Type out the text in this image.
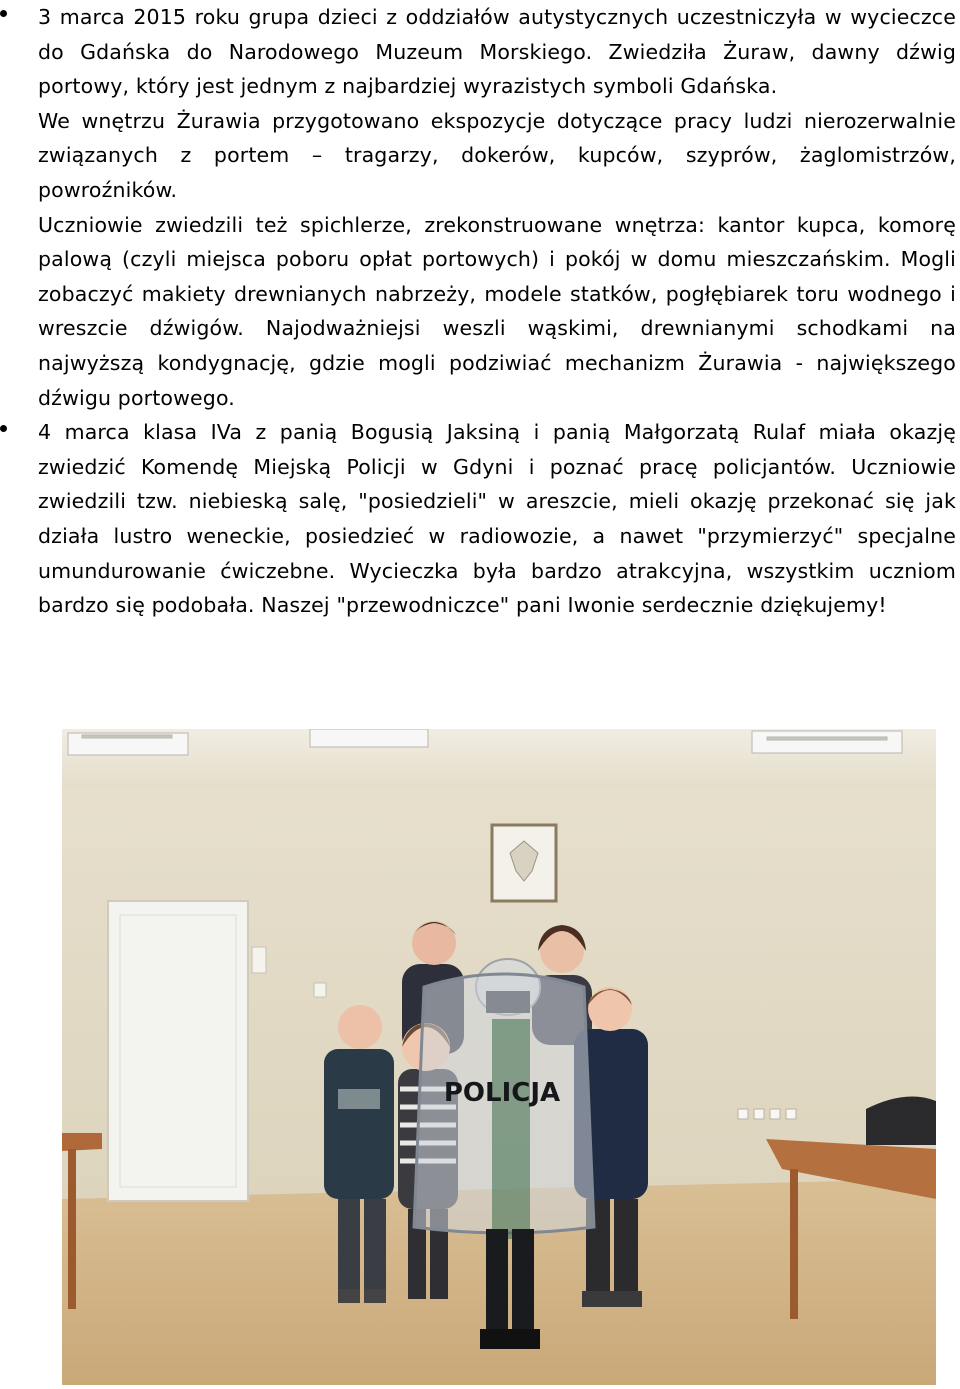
3 marca 2015 roku grupa dzieci z oddziałów autystycznych uczestniczyła w wycieczce do Gdańska do Narodowego Muzeum Morskiego. Zwiedziła Żuraw, dawny dźwig portowy, który jest jednym z najbardziej wyrazistych symboli Gdańska.

We wnętrzu Żurawia przygotowano ekspozycje dotyczące pracy ludzi nierozerwalnie związanych z portem – tragarzy, dokerów, kupców, szyprów, żaglomistrzów, powroźników.

Uczniowie zwiedzili też spichlerze, zrekonstruowane wnętrza: kantor kupca, komorę palową (czyli miejsca poboru opłat portowych) i pokój w domu mieszczańskim. Mogli zobaczyć makiety drewnianych nabrzeży, modele statków, pogłębiarek toru wodnego i wreszcie dźwigów. Najodważniejsi weszli wąskimi, drewnianymi schodkami na najwyższą kondygnację, gdzie mogli podziwiać mechanizm Żurawia - największego dźwigu portowego.

4 marca klasa IVa z panią Bogusią Jaksiną i panią Małgorzatą Rulaf miała okazję zwiedzić Komendę Miejską Policji w Gdyni i poznać pracę policjantów. Uczniowie zwiedzili tzw. niebieską salę, "posiedzieli" w areszcie, mieli okazję przekonać się jak działa lustro weneckie, posiedzieć w radiowozie, a nawet "przymierzyć" specjalne umundurowanie ćwiczebne. Wycieczka była bardzo atrakcyjna, wszystkim uczniom bardzo się podobała. Naszej "przewodniczce" pani Iwonie serdecznie dziękujemy!

POLICJA
